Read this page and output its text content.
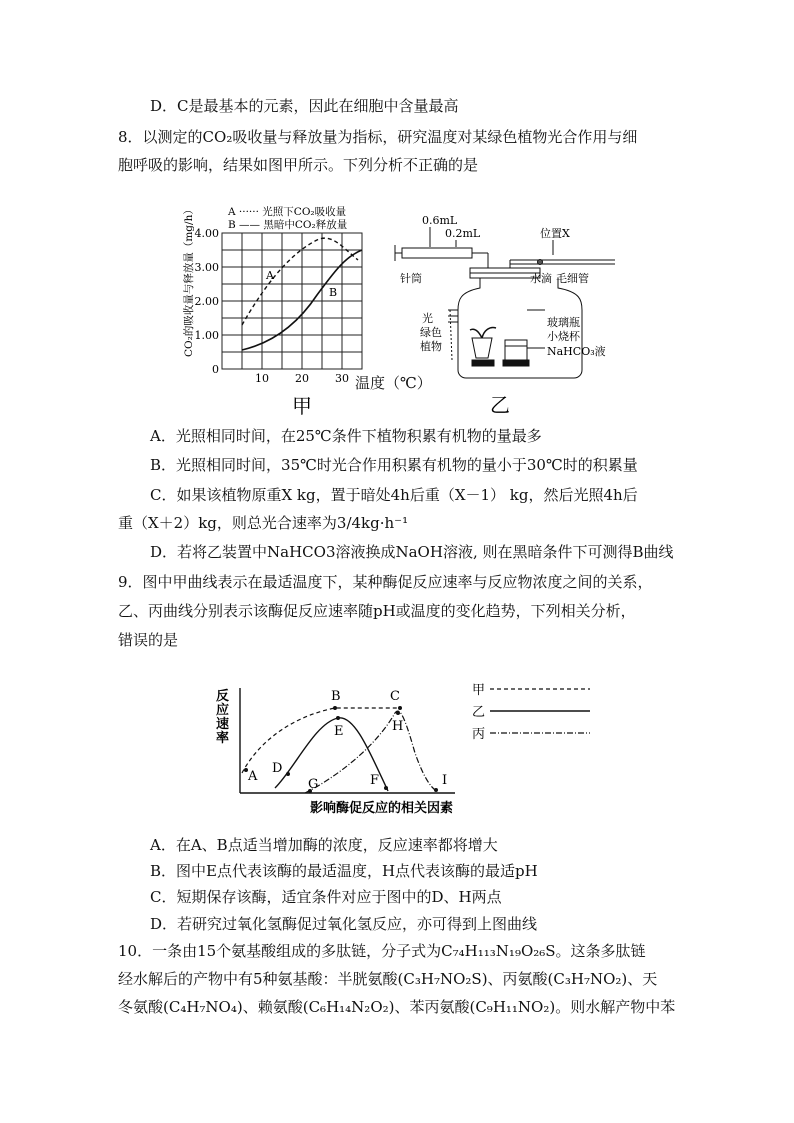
D．C是最基本的元素，因此在细胞中含量最高
8．以测定的CO₂吸收量与释放量为指标，研究温度对某绿色植物光合作用与细
胞呼吸的影响，结果如图甲所示。下列分析不正确的是
CO₂的吸收量与释放量（mg/h）	A ······ 光照下CO₂吸收量
B —— 黑暗中CO₂释放量
A
B
4.00
3.00
2.00
1.00
0
10 20 30
甲
温度（℃）
0.6mL
0.2mL	位置X
针筒	水滴 毛细管
光
绿色
植物
玻璃瓶
小烧杯
NaHCO₃液
乙
A．光照相同时间，在25℃条件下植物积累有机物的量最多
B．光照相同时间，35℃时光合作用积累有机物的量小于30℃时的积累量
C．如果该植物原重X kg，置于暗处4h后重（X－1） kg，然后光照4h后
重（X＋2）kg，则总光合速率为3/4kg·h⁻¹
D．若将乙装置中NaHCO3溶液换成NaOH溶液, 则在黑暗条件下可测得B曲线
9．图中甲曲线表示在最适温度下，某种酶促反应速率与反应物浓度之间的关系，
乙、丙曲线分别表示该酶促反应速率随pH或温度的变化趋势，下列相关分析，
错误的是
反
应
速
率
A
B	C
D
E
F
G
H
I
影响酶促反应的相关因素
甲
乙
丙
A．在A、B点适当增加酶的浓度，反应速率都将增大
B．图中E点代表该酶的最适温度，H点代表该酶的最适pH
C．短期保存该酶，适宜条件对应于图中的D、H两点
D．若研究过氧化氢酶促过氧化氢反应，亦可得到上图曲线
10．一条由15个氨基酸组成的多肽链，分子式为C₇₄H₁₁₃N₁₉O₂₆S。这条多肽链
经水解后的产物中有5种氨基酸：半胱氨酸(C₃H₇NO₂S)、丙氨酸(C₃H₇NO₂)、天
冬氨酸(C₄H₇NO₄)、赖氨酸(C₆H₁₄N₂O₂)、苯丙氨酸(C₉H₁₁NO₂)。则水解产物中苯
